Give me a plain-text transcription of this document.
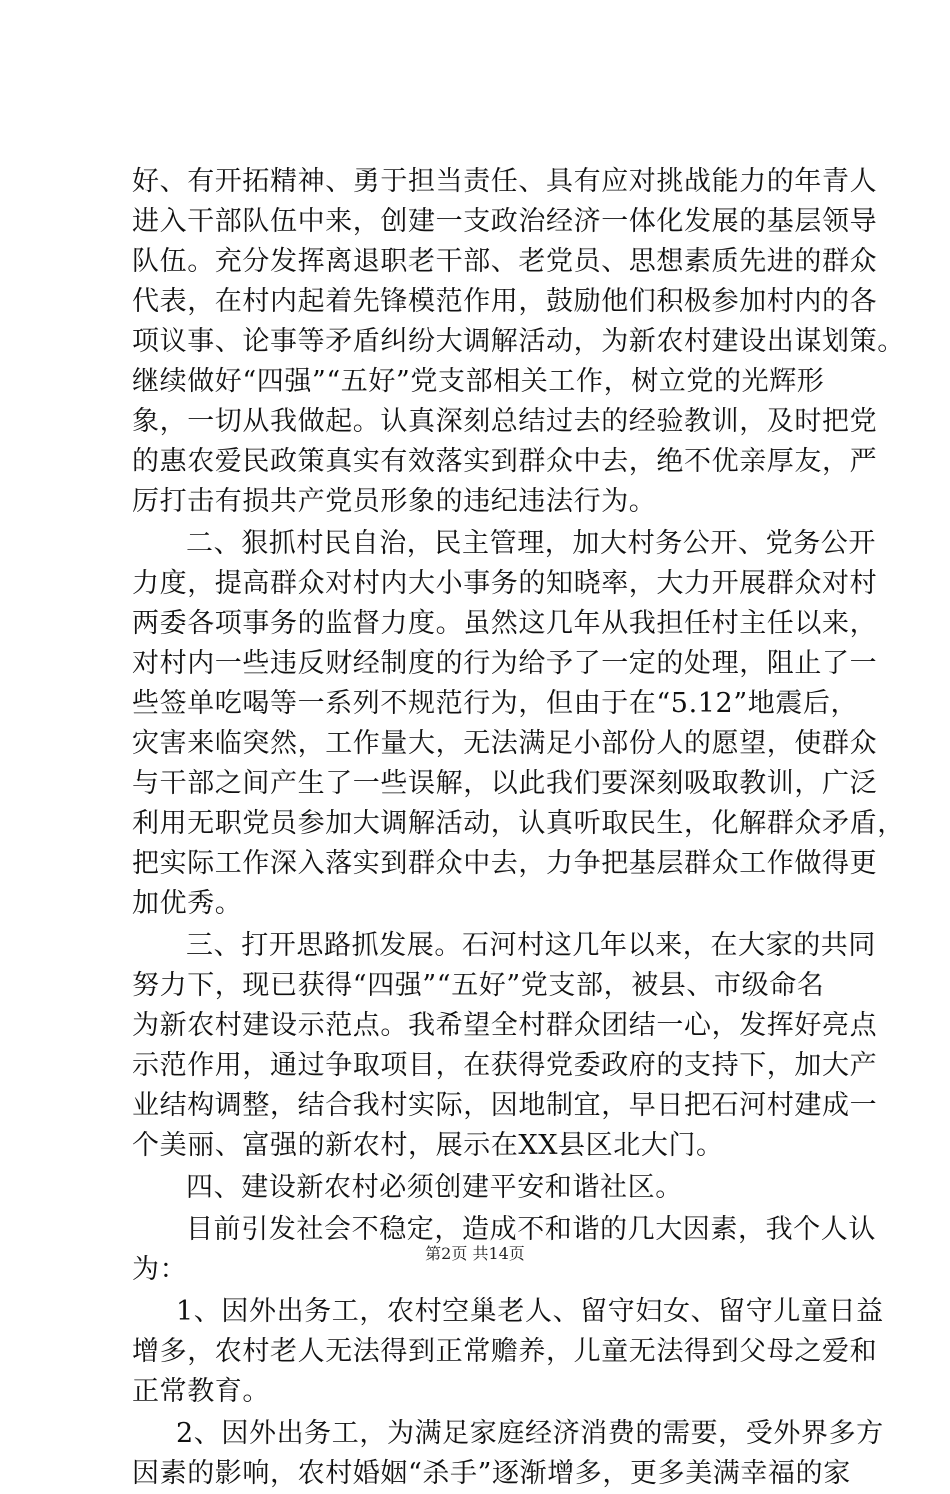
好、有开拓精神、勇于担当责任、具有应对挑战能力的年青人
进入干部队伍中来，创建一支政治经济一体化发展的基层领导
队伍。充分发挥离退职老干部、老党员、思想素质先进的群众
代表，在村内起着先锋模范作用，鼓励他们积极参加村内的各
项议事、论事等矛盾纠纷大调解活动，为新农村建设出谋划策。
继续做好“四强”“五好”党支部相关工作，树立党的光辉形
象，一切从我做起。认真深刻总结过去的经验教训，及时把党
的惠农爱民政策真实有效落实到群众中去，绝不优亲厚友，严
厉打击有损共产党员形象的违纪违法行为。
二、狠抓村民自治，民主管理，加大村务公开、党务公开
力度，提高群众对村内大小事务的知晓率，大力开展群众对村
两委各项事务的监督力度。虽然这几年从我担任村主任以来，
对村内一些违反财经制度的行为给予了一定的处理，阻止了一
些签单吃喝等一系列不规范行为，但由于在“5.12”地震后，
灾害来临突然，工作量大，无法满足小部份人的愿望，使群众
与干部之间产生了一些误解，以此我们要深刻吸取教训，广泛
利用无职党员参加大调解活动，认真听取民生，化解群众矛盾，
把实际工作深入落实到群众中去，力争把基层群众工作做得更
加优秀。
三、打开思路抓发展。石河村这几年以来，在大家的共同
努力下，现已获得“四强”“五好”党支部，被县、市级命名
为新农村建设示范点。我希望全村群众团结一心，发挥好亮点
示范作用，通过争取项目，在获得党委政府的支持下，加大产
业结构调整，结合我村实际，因地制宜，早日把石河村建成一
个美丽、富强的新农村，展示在XX县区北大门。
四、建设新农村必须创建平安和谐社区。
目前引发社会不稳定，造成不和谐的几大因素，我个人认
为：
1、因外出务工，农村空巢老人、留守妇女、留守儿童日益
增多，农村老人无法得到正常赡养，儿童无法得到父母之爱和
正常教育。
2、因外出务工，为满足家庭经济消费的需要，受外界多方
因素的影响，农村婚姻“杀手”逐渐增多，更多美满幸福的家
第2页 共14页
